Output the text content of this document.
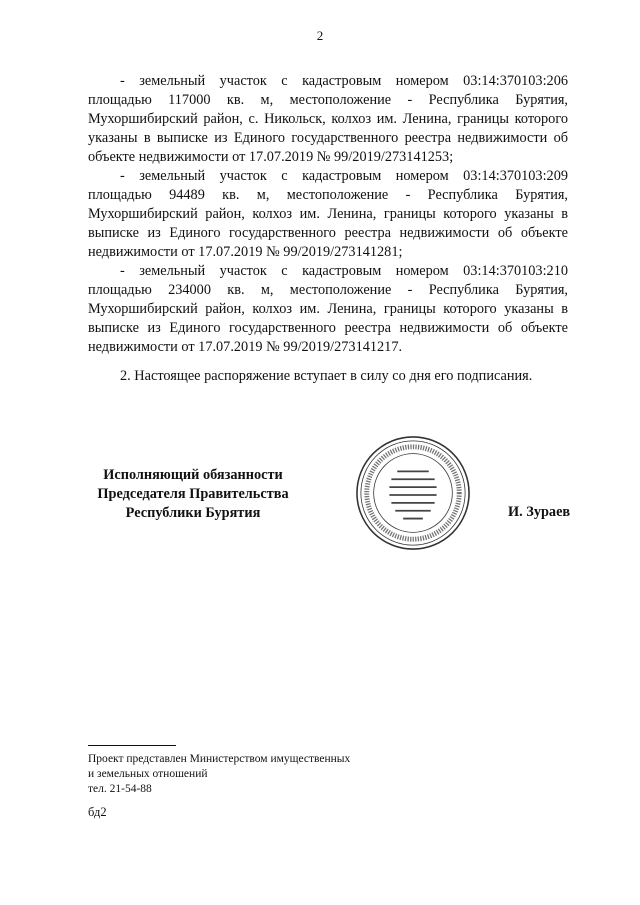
2

- земельный участок с кадастровым номером 03:14:370103:206 площадью 117000 кв. м, местоположение - Республика Бурятия, Мухоршибирский район, с. Никольск, колхоз им. Ленина, границы которого указаны в выписке из Единого государственного реестра недвижимости об объекте недвижимости от 17.07.2019 № 99/2019/273141253;

- земельный участок с кадастровым номером 03:14:370103:209 площадью 94489 кв. м, местоположение - Республика Бурятия, Мухоршибирский район, колхоз им. Ленина, границы которого указаны в выписке из Единого государственного реестра недвижимости об объекте недвижимости от 17.07.2019 № 99/2019/273141281;

- земельный участок с кадастровым номером 03:14:370103:210 площадью 234000 кв. м, местоположение - Республика Бурятия, Мухоршибирский район, колхоз им. Ленина, границы которого указаны в выписке из Единого государственного реестра недвижимости об объекте недвижимости от 17.07.2019 № 99/2019/273141217.

2. Настоящее распоряжение вступает в силу со дня его подписания.

Исполняющий обязанности
Председателя Правительства
Республики Бурятия	И. Зураев
Проект представлен Министерством имущественных
и земельных отношений
тел. 21-54-88
бд2
